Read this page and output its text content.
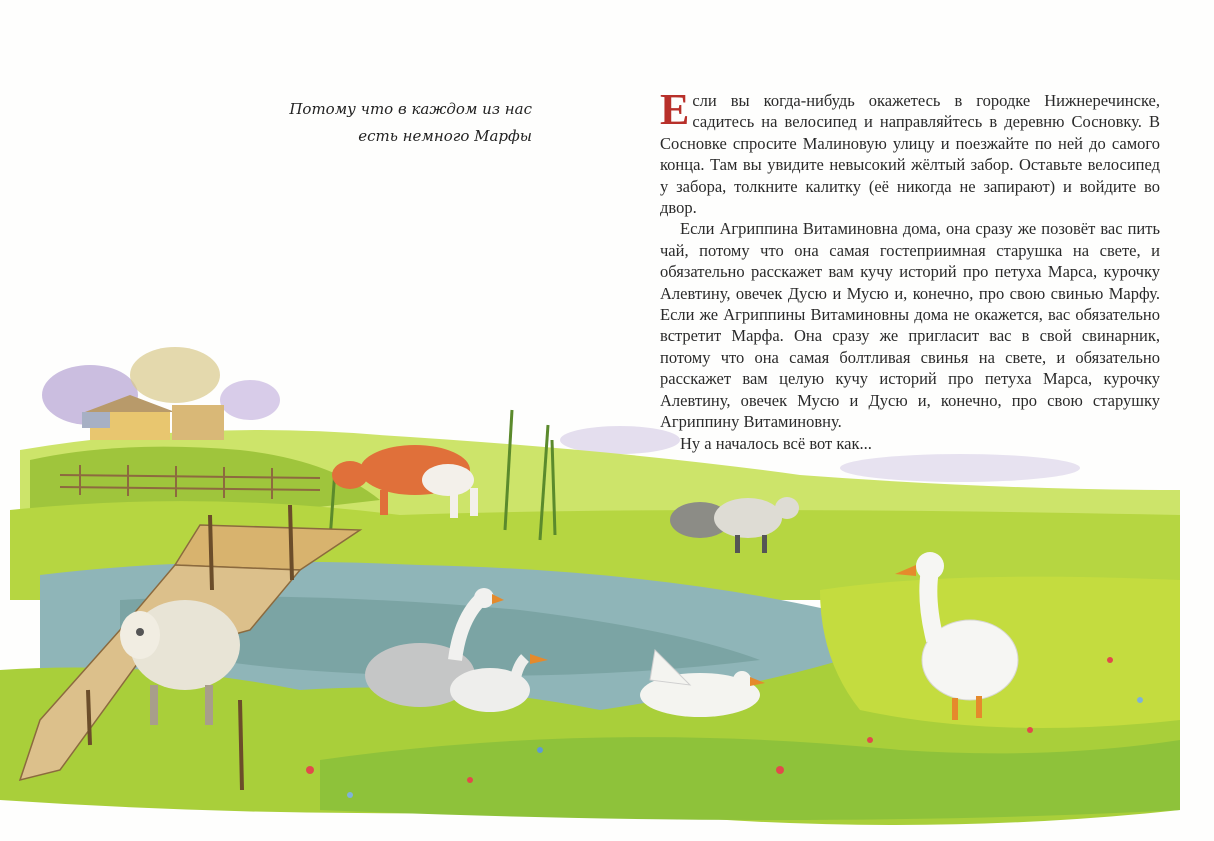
Потому что в каждом из нас
есть немного Марфы

Если вы когда-нибудь окажетесь в городке Нижнеречинске, садитесь на велосипед и направляйтесь в деревню Сосновку. В Сосновке спросите Малиновую улицу и поезжайте по ней до самого конца. Там вы увидите невысокий жёлтый забор. Оставьте велосипед у забора, толкните калитку (её никогда не запирают) и войдите во двор.

Если Агриппина Витаминовна дома, она сразу же позовёт вас пить чай, потому что она самая гостеприимная старушка на свете, и обязательно расскажет вам кучу историй про петуха Марса, курочку Алевтину, овечек Дусю и Мусю и, конечно, про свою свинью Марфу. Если же Агриппины Витаминовны дома не окажется, вас обязательно встретит Марфа. Она сразу же пригласит вас в свой свинарник, потому что она самая болтливая свинья на свете, и обязательно расскажет вам целую кучу историй про петуха Марса, курочку Алевтину, овечек Мусю и Дусю и, конечно, про свою старушку Агриппину Витаминовну.

Ну а началось всё вот как...
